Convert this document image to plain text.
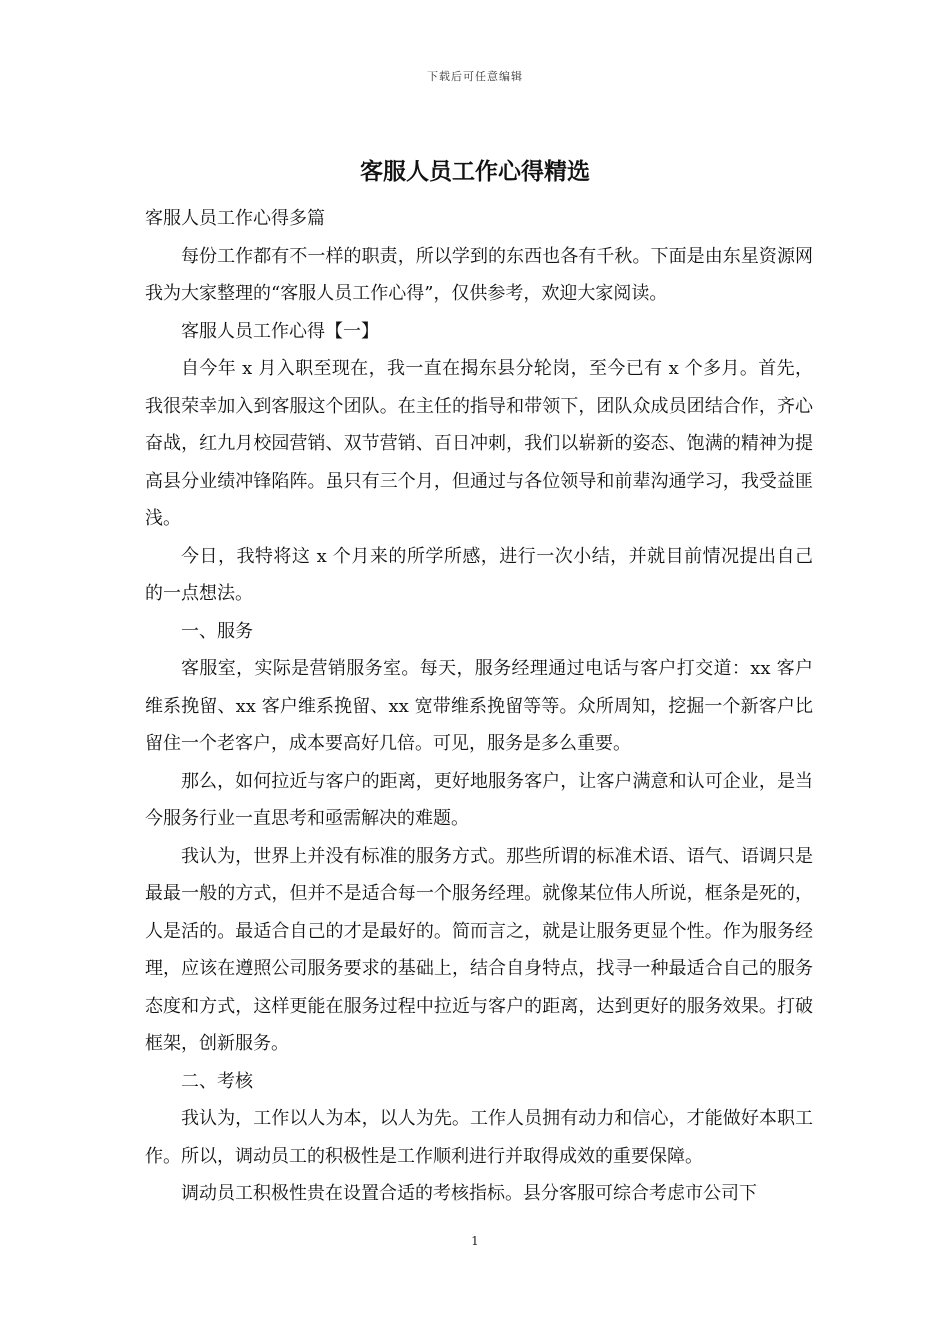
下载后可任意编辑
客服人员工作心得精选

客服人员工作心得多篇

每份工作都有不一样的职责，所以学到的东西也各有千秋。下面是由东星资源网我为大家整理的“客服人员工作心得”，仅供参考，欢迎大家阅读。

客服人员工作心得【一】

自今年 x 月入职至现在，我一直在揭东县分轮岗，至今已有 x 个多月。首先，我很荣幸加入到客服这个团队。在主任的指导和带领下，团队众成员团结合作，齐心奋战，红九月校园营销、双节营销、百日冲刺，我们以崭新的姿态、饱满的精神为提高县分业绩冲锋陷阵。虽只有三个月，但通过与各位领导和前辈沟通学习，我受益匪浅。

今日，我特将这 x 个月来的所学所感，进行一次小结，并就目前情况提出自己的一点想法。

一、服务

客服室，实际是营销服务室。每天，服务经理通过电话与客户打交道：xx 客户维系挽留、xx 客户维系挽留、xx 宽带维系挽留等等。众所周知，挖掘一个新客户比留住一个老客户，成本要高好几倍。可见，服务是多么重要。

那么，如何拉近与客户的距离，更好地服务客户，让客户满意和认可企业，是当今服务行业一直思考和亟需解决的难题。

我认为，世界上并没有标准的服务方式。那些所谓的标准术语、语气、语调只是最最一般的方式，但并不是适合每一个服务经理。就像某位伟人所说，框条是死的，人是活的。最适合自己的才是最好的。简而言之，就是让服务更显个性。作为服务经理，应该在遵照公司服务要求的基础上，结合自身特点，找寻一种最适合自己的服务态度和方式，这样更能在服务过程中拉近与客户的距离，达到更好的服务效果。打破框架，创新服务。

二、考核

我认为，工作以人为本，以人为先。工作人员拥有动力和信心，才能做好本职工作。所以，调动员工的积极性是工作顺利进行并取得成效的重要保障。

调动员工积极性贵在设置合适的考核指标。县分客服可综合考虑市公司下

1
